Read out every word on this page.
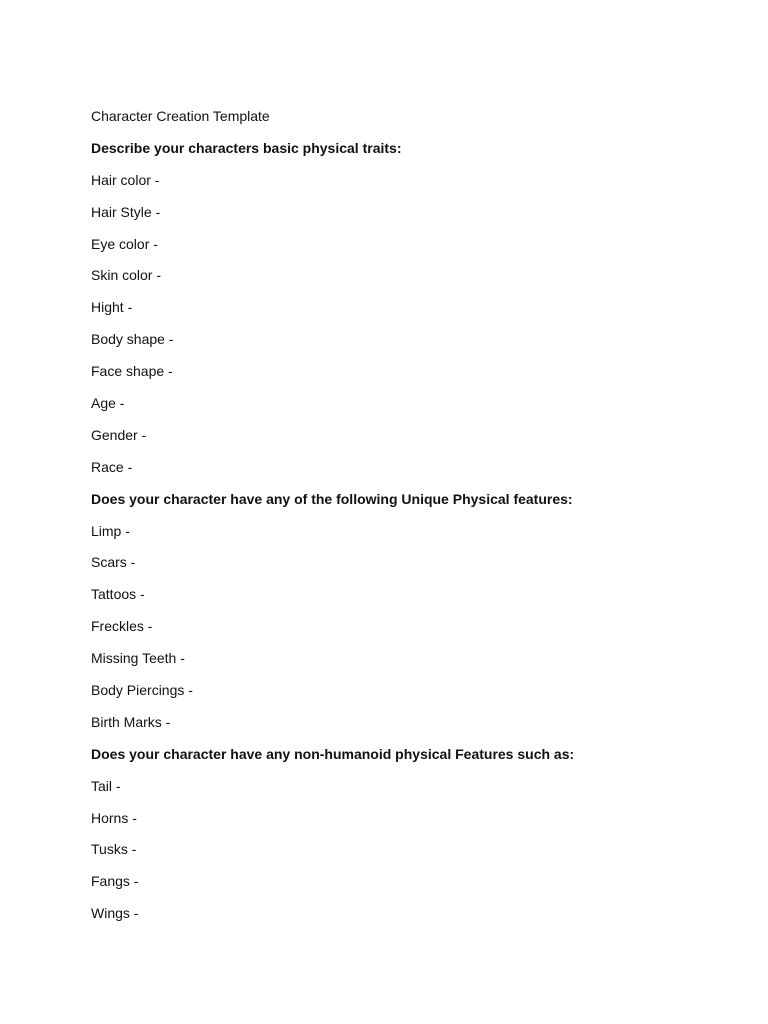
Character Creation Template
Describe your characters basic physical traits:
Hair color -
Hair Style -
Eye color -
Skin color -
Hight -
Body shape -
Face shape -
Age -
Gender -
Race -
Does your character have any of the following Unique Physical features:
Limp -
Scars -
Tattoos -
Freckles -
Missing Teeth -
Body Piercings -
Birth Marks -
Does your character have any non-humanoid physical Features such as:
Tail -
Horns -
Tusks -
Fangs -
Wings -
